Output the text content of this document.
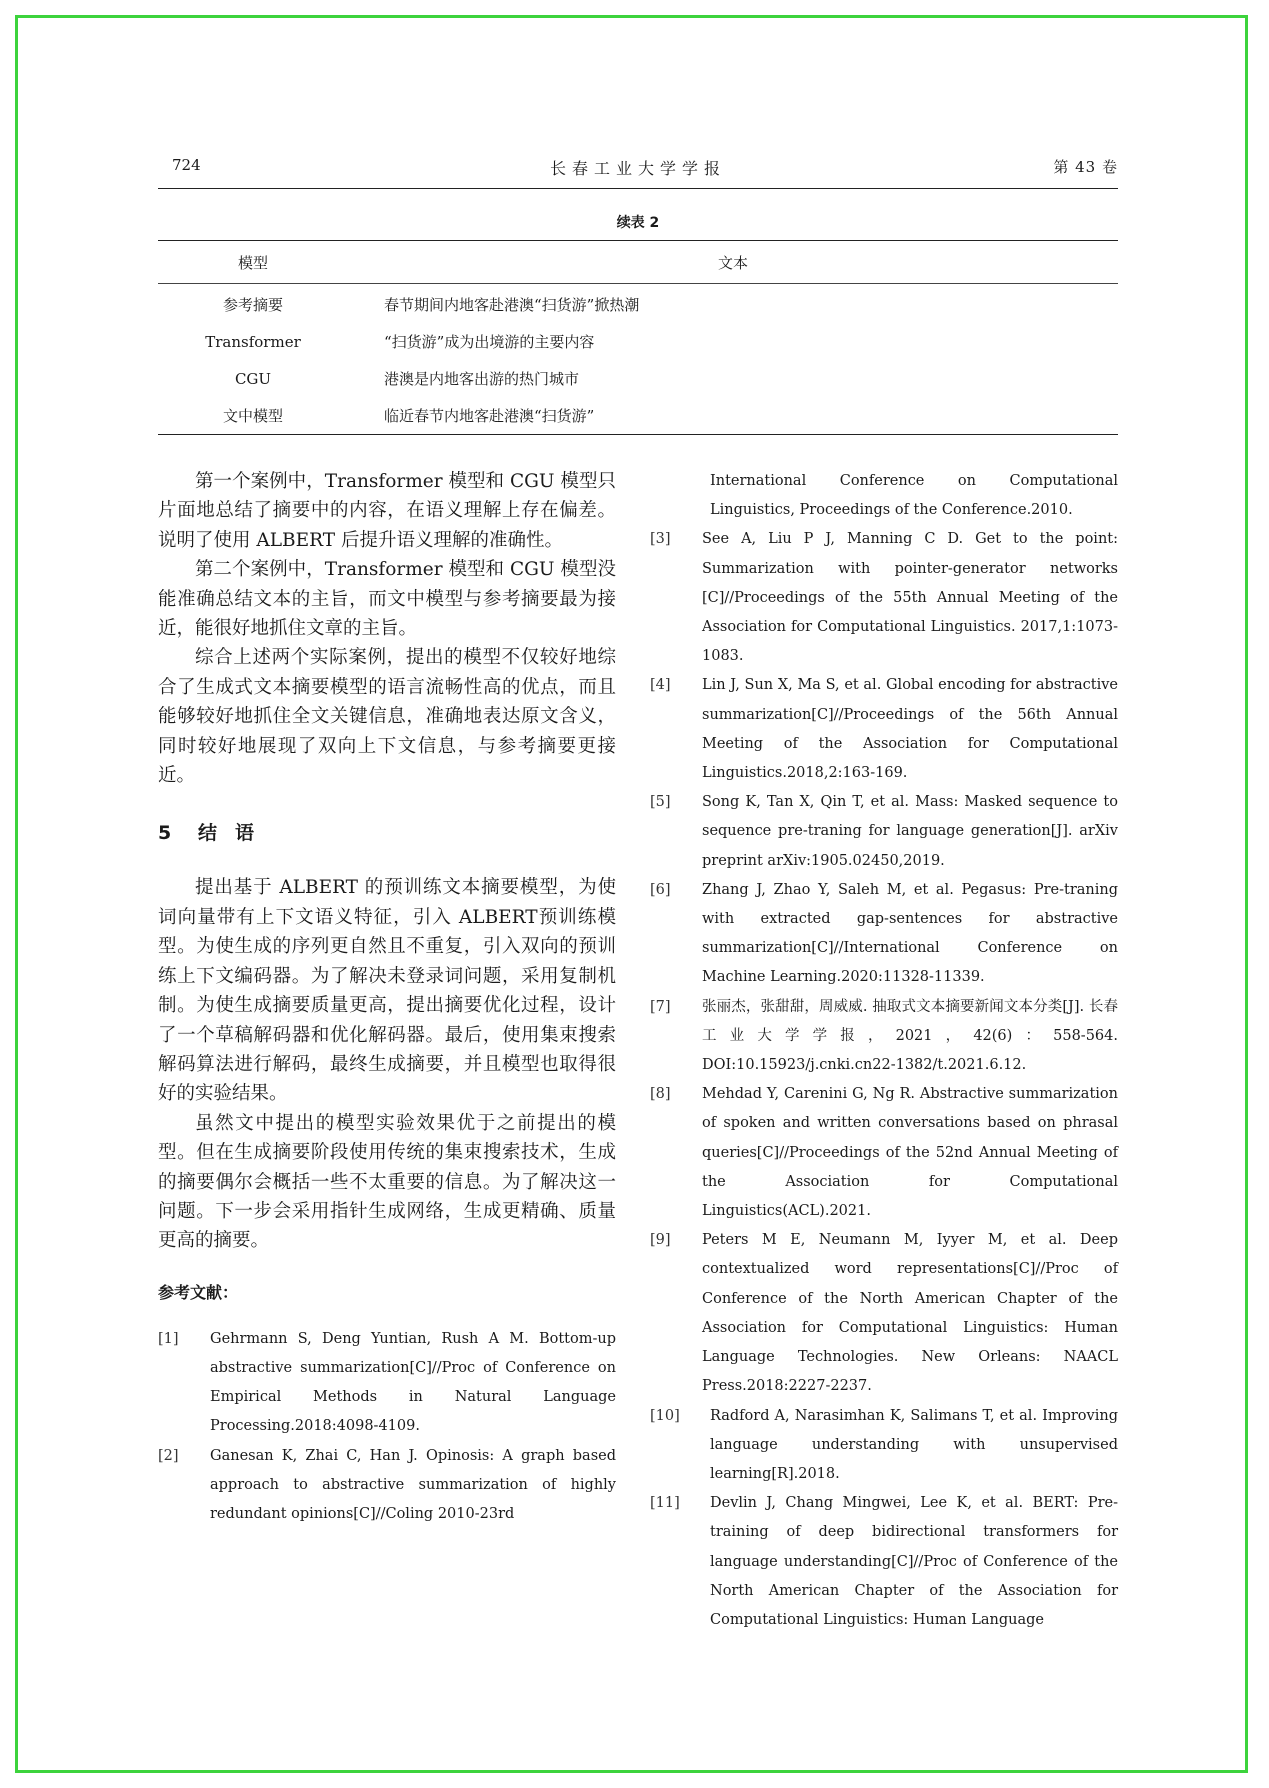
724	长春工业大学学报	第 43 卷
续表 2
模型	文本
参考摘要	春节期间内地客赴港澳“扫货游”掀热潮
Transformer	“扫货游”成为出境游的主要内容
CGU	港澳是内地客出游的热门城市
文中模型	临近春节内地客赴港澳“扫货游”

第一个案例中，Transformer 模型和 CGU 模型只片面地总结了摘要中的内容，在语义理解上存在偏差。说明了使用 ALBERT 后提升语义理解的准确性。

第二个案例中，Transformer 模型和 CGU 模型没能准确总结文本的主旨，而文中模型与参考摘要最为接近，能很好地抓住文章的主旨。

综合上述两个实际案例，提出的模型不仅较好地综合了生成式文本摘要模型的语言流畅性高的优点，而且能够较好地抓住全文关键信息，准确地表达原文含义，同时较好地展现了双向上下文信息，与参考摘要更接近。

5 结语

提出基于 ALBERT 的预训练文本摘要模型，为使词向量带有上下文语义特征，引入 ALBERT预训练模型。为使生成的序列更自然且不重复，引入双向的预训练上下文编码器。为了解决未登录词问题，采用复制机制。为使生成摘要质量更高，提出摘要优化过程，设计了一个草稿解码器和优化解码器。最后，使用集束搜索解码算法进行解码，最终生成摘要，并且模型也取得很好的实验结果。

虽然文中提出的模型实验效果优于之前提出的模型。但在生成摘要阶段使用传统的集束搜索技术，生成的摘要偶尔会概括一些不太重要的信息。为了解决这一问题。下一步会采用指针生成网络，生成更精确、质量更高的摘要。

参考文献：
[1]	Gehrmann S, Deng Yuntian, Rush A M. Bottom-up abstractive summarization[C]//Proc of Conference on Empirical Methods in Natural Language Processing.2018:4098-4109.
[2]	Ganesan K, Zhai C, Han J. Opinosis: A graph based approach to abstractive summarization of highly redundant opinions[C]//Coling 2010-23rd
International Conference on Computational Linguistics, Proceedings of the Conference.2010.
[3]	See A, Liu P J, Manning C D. Get to the point: Summarization with pointer-generator networks [C]//Proceedings of the 55th Annual Meeting of the Association for Computational Linguistics. 2017,1:1073-1083.
[4]	Lin J, Sun X, Ma S, et al. Global encoding for abstractive summarization[C]//Proceedings of the 56th Annual Meeting of the Association for Computational Linguistics.2018,2:163-169.
[5]	Song K, Tan X, Qin T, et al. Mass: Masked sequence to sequence pre-traning for language generation[J]. arXiv preprint arXiv:1905.02450,2019.
[6]	Zhang J, Zhao Y, Saleh M, et al. Pegasus: Pre-traning with extracted gap-sentences for abstractive summarization[C]//International Conference on Machine Learning.2020:11328-11339.
[7]	张丽杰，张甜甜，周威威. 抽取式文本摘要新闻文本分类[J]. 长春工业大学学报，2021，42(6)：558-564. DOI:10.15923/j.cnki.cn22-1382/t.2021.6.12.
[8]	Mehdad Y, Carenini G, Ng R. Abstractive summarization of spoken and written conversations based on phrasal queries[C]//Proceedings of the 52nd Annual Meeting of the Association for Computational Linguistics(ACL).2021.
[9]	Peters M E, Neumann M, Iyyer M, et al. Deep contextualized word representations[C]//Proc of Conference of the North American Chapter of the Association for Computational Linguistics: Human Language Technologies. New Orleans: NAACL Press.2018:2227-2237.
[10]	Radford A, Narasimhan K, Salimans T, et al. Improving language understanding with unsupervised learning[R].2018.
[11]	Devlin J, Chang Mingwei, Lee K, et al. BERT: Pre-training of deep bidirectional transformers for language understanding[C]//Proc of Conference of the North American Chapter of the Association for Computational Linguistics: Human Language
